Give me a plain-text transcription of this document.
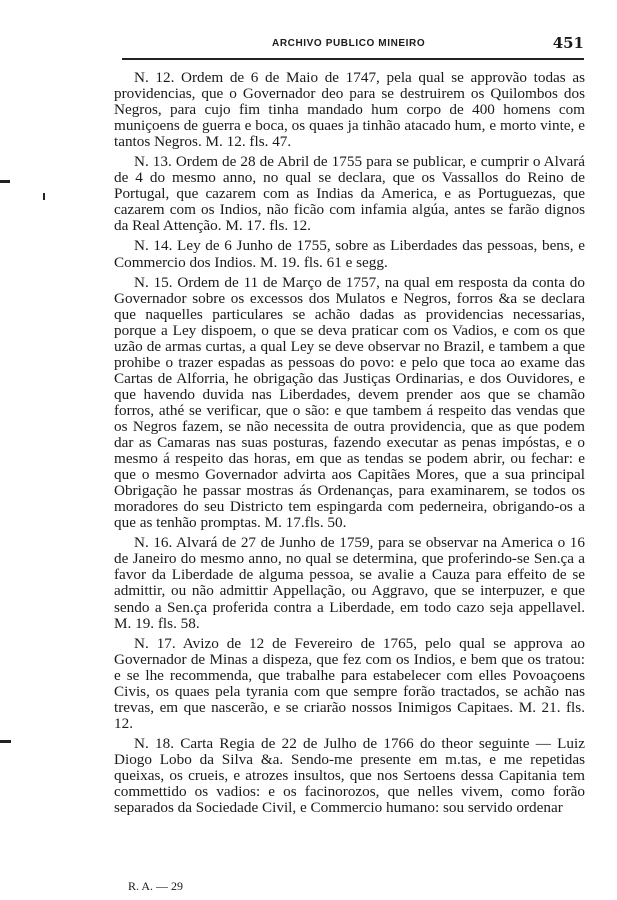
ARCHIVO PUBLICO MINEIRO	451

N. 12. Ordem de 6 de Maio de 1747, pela qual se approvão todas as providencias, que o Governador deo para se destruirem os Quilombos dos Negros, para cujo fim tinha mandado hum corpo de 400 homens com muniçoens de guerra e boca, os quaes ja tinhão atacado hum, e morto vinte, e tantos Negros. M. 12. fls. 47.

N. 13. Ordem de 28 de Abril de 1755 para se publicar, e cumprir o Alvará de 4 do mesmo anno, no qual se declara, que os Vassallos do Reino de Portugal, que cazarem com as Indias da America, e as Portuguezas, que cazarem com os Indios, não ficão com infamia algúa, antes se farão dignos da Real Attenção. M. 17. fls. 12.

N. 14. Ley de 6 Junho de 1755, sobre as Liberdades das pessoas, bens, e Commercio dos Indios. M. 19. fls. 61 e segg.

N. 15. Ordem de 11 de Março de 1757, na qual em resposta da conta do Governador sobre os excessos dos Mulatos e Negros, forros &a se declara que naquelles particulares se achão dadas as providencias necessarias, porque a Ley dispoem, o que se deva praticar com os Vadios, e com os que uzão de armas curtas, a qual Ley se deve observar no Brazil, e tambem a que prohibe o trazer espadas as pessoas do povo: e pelo que toca ao exame das Cartas de Alforria, he obrigação das Justiças Ordinarias, e dos Ouvidores, e que havendo duvida nas Liberdades, devem prender aos que se chamão forros, athé se verificar, que o são: e que tambem á respeito das vendas que os Negros fazem, se não necessita de outra providencia, que as que podem dar as Camaras nas suas posturas, fazendo executar as penas impóstas, e o mesmo á respeito das horas, em que as tendas se podem abrir, ou fechar: e que o mesmo Governador advirta aos Capitães Mores, que a sua principal Obrigação he passar mostras ás Ordenanças, para examinarem, se todos os moradores do seu Districto tem espingarda com pederneira, obrigando-os a que as tenhão promptas. M. 17.fls. 50.

N. 16. Alvará de 27 de Junho de 1759, para se observar na America o 16 de Janeiro do mesmo anno, no qual se determina, que proferindo-se Sen.ça a favor da Liberdade de alguma pessoa, se avalie a Cauza para effeito de se admittir, ou não admittir Appellação, ou Aggravo, que se interpuzer, e que sendo a Sen.ça proferida contra a Liberdade, em todo cazo seja appellavel. M. 19. fls. 58.

N. 17. Avizo de 12 de Fevereiro de 1765, pelo qual se approva ao Governador de Minas a dispeza, que fez com os Indios, e bem que os tratou: e se lhe recommenda, que trabalhe para estabelecer com elles Povoaçoens Civis, os quaes pela tyrania com que sempre forão tractados, se achão nas trevas, em que nascerão, e se criarão nossos Inimigos Capitaes. M. 21. fls. 12.

N. 18. Carta Regia de 22 de Julho de 1766 do theor seguinte — Luiz Diogo Lobo da Silva &a. Sendo-me presente em m.tas, e me repetidas queixas, os crueis, e atrozes insultos, que nos Sertoens dessa Capitania tem commettido os vadios: e os facinorozos, que nelles vivem, como forão separados da Sociedade Civil, e Commercio humano: sou servido ordenar

R. A. — 29
